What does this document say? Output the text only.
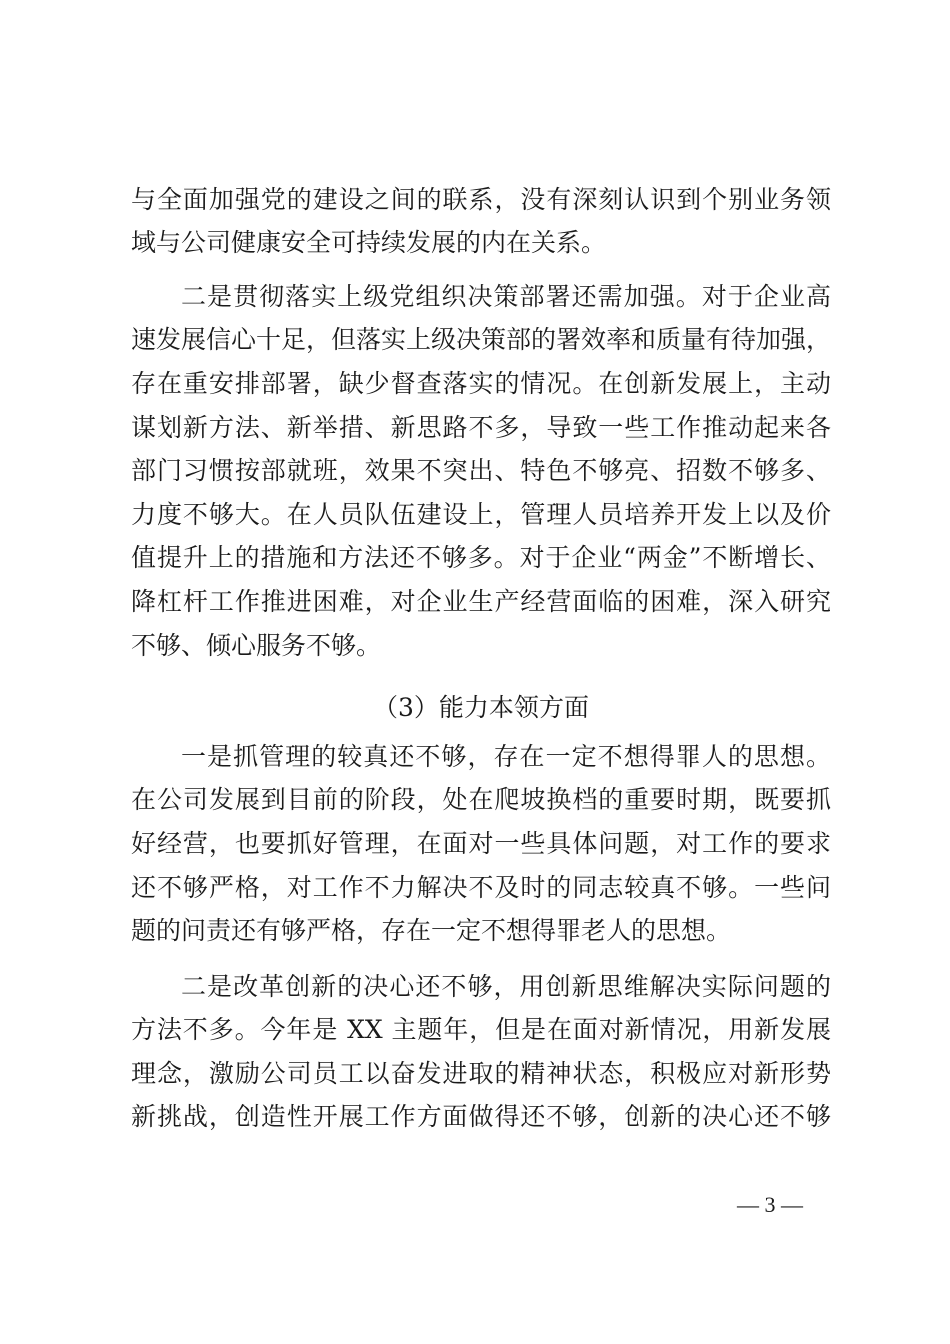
与全面加强党的建设之间的联系，没有深刻认识到个别业务领
域与公司健康安全可持续发展的内在关系。
二是贯彻落实上级党组织决策部署还需加强。对于企业高
速发展信心十足，但落实上级决策部的署效率和质量有待加强，
存在重安排部署，缺少督查落实的情况。在创新发展上，主动
谋划新方法、新举措、新思路不多，导致一些工作推动起来各
部门习惯按部就班，效果不突出、特色不够亮、招数不够多、
力度不够大。在人员队伍建设上，管理人员培养开发上以及价
值提升上的措施和方法还不够多。对于企业“两金”不断增长、
降杠杆工作推进困难，对企业生产经营面临的困难，深入研究
不够、倾心服务不够。
（3）能力本领方面
一是抓管理的较真还不够，存在一定不想得罪人的思想。
在公司发展到目前的阶段，处在爬坡换档的重要时期，既要抓
好经营，也要抓好管理，在面对一些具体问题，对工作的要求
还不够严格，对工作不力解决不及时的同志较真不够。一些问
题的问责还有够严格，存在一定不想得罪老人的思想。
二是改革创新的决心还不够，用创新思维解决实际问题的
方法不多。今年是 XX 主题年，但是在面对新情况，用新发展
理念，激励公司员工以奋发进取的精神状态，积极应对新形势
新挑战，创造性开展工作方面做得还不够，创新的决心还不够
— 3 —
